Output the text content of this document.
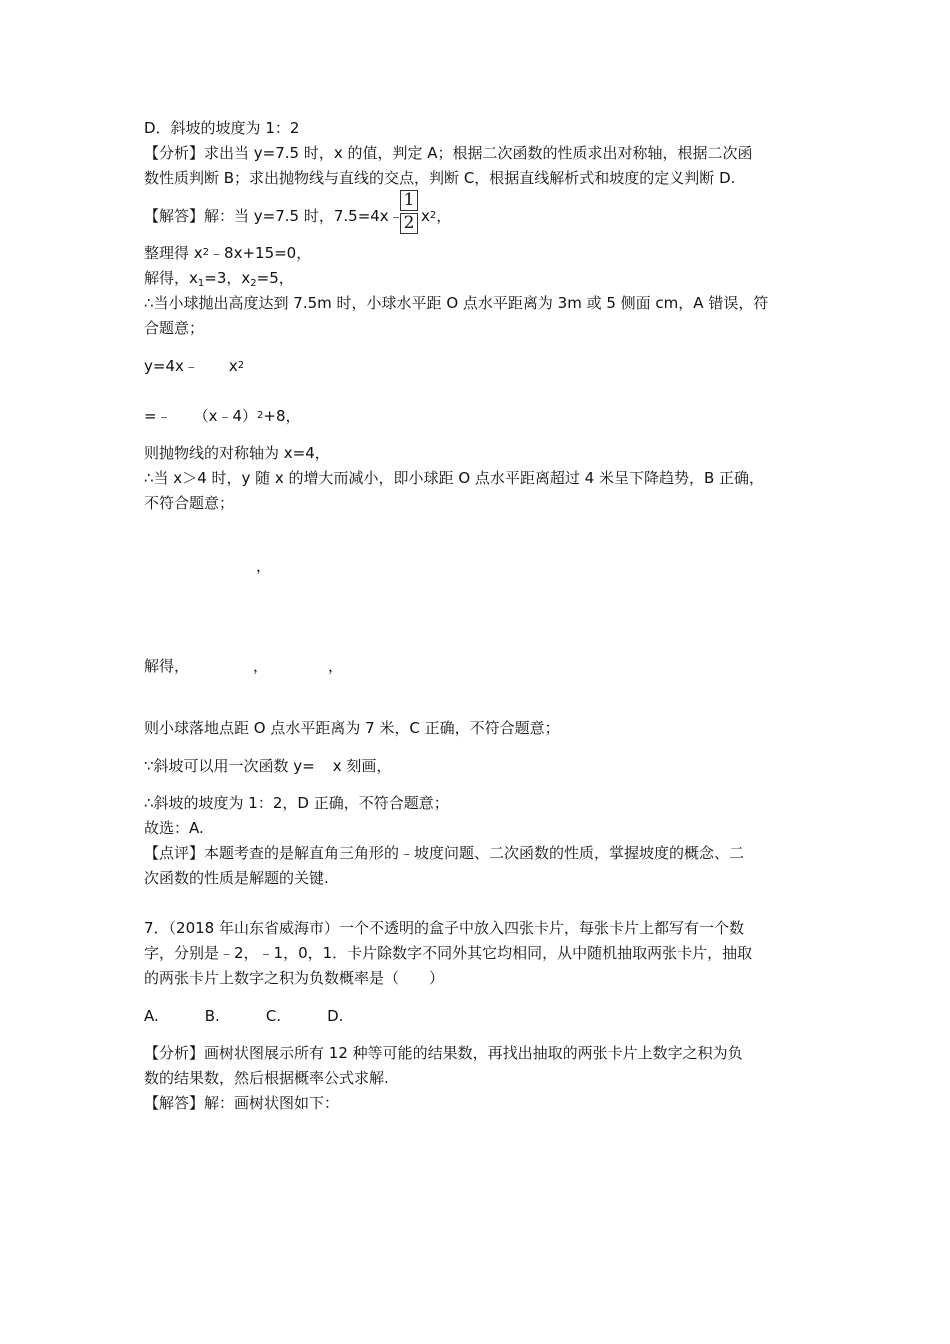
D．斜坡的坡度为 1：2
【分析】求出当 y=7.5 时，x 的值，判定 A；根据二次函数的性质求出对称轴，根据二次函
数性质判断 B；求出抛物线与直线的交点，判断 C，根据直线解析式和坡度的定义判断 D.
【解答】解：当 y=7.5 时，7.5=4x﹣
$\frac{1}{2} x^2$，
整理得 $x^2﹣8x+15=0$，
解得，$x_1=3$，$x_2=5$，
∴当小球抛出高度达到 7.5m 时，小球水平距 O 点水平距离为 3m 或 5 侧面 cm，A 错误，符
合题意；
y=4x﹣ $x^2$
=﹣ （x﹣4）$^2$+8，
则抛物线的对称轴为 x=4，
∴当 x＞4 时，y 随 x 的增大而减小，即小球距 O 点水平距离超过 4 米呈下降趋势，B 正确，
不符合题意；
，
解得，	，	，
则小球落地点距 O 点水平距离为 7 米，C 正确，不符合题意；
∵斜坡可以用一次函数 y= x 刻画，
∴斜坡的坡度为 1：2，D 正确，不符合题意；
故选：A.
【点评】本题考查的是解直角三角形的﹣坡度问题、二次函数的性质，掌握坡度的概念、二
次函数的性质是解题的关键.
7．（2018 年山东省威海市）一个不透明的盒子中放入四张卡片，每张卡片上都写有一个数
字，分别是﹣2，﹣1，0，1．卡片除数字不同外其它均相同，从中随机抽取两张卡片，抽取
的两张卡片上数字之积为负数概率是（　　）
A.	B.	C.	D.
【分析】画树状图展示所有 12 种等可能的结果数，再找出抽取的两张卡片上数字之积为负
数的结果数，然后根据概率公式求解.
【解答】解：画树状图如下：
